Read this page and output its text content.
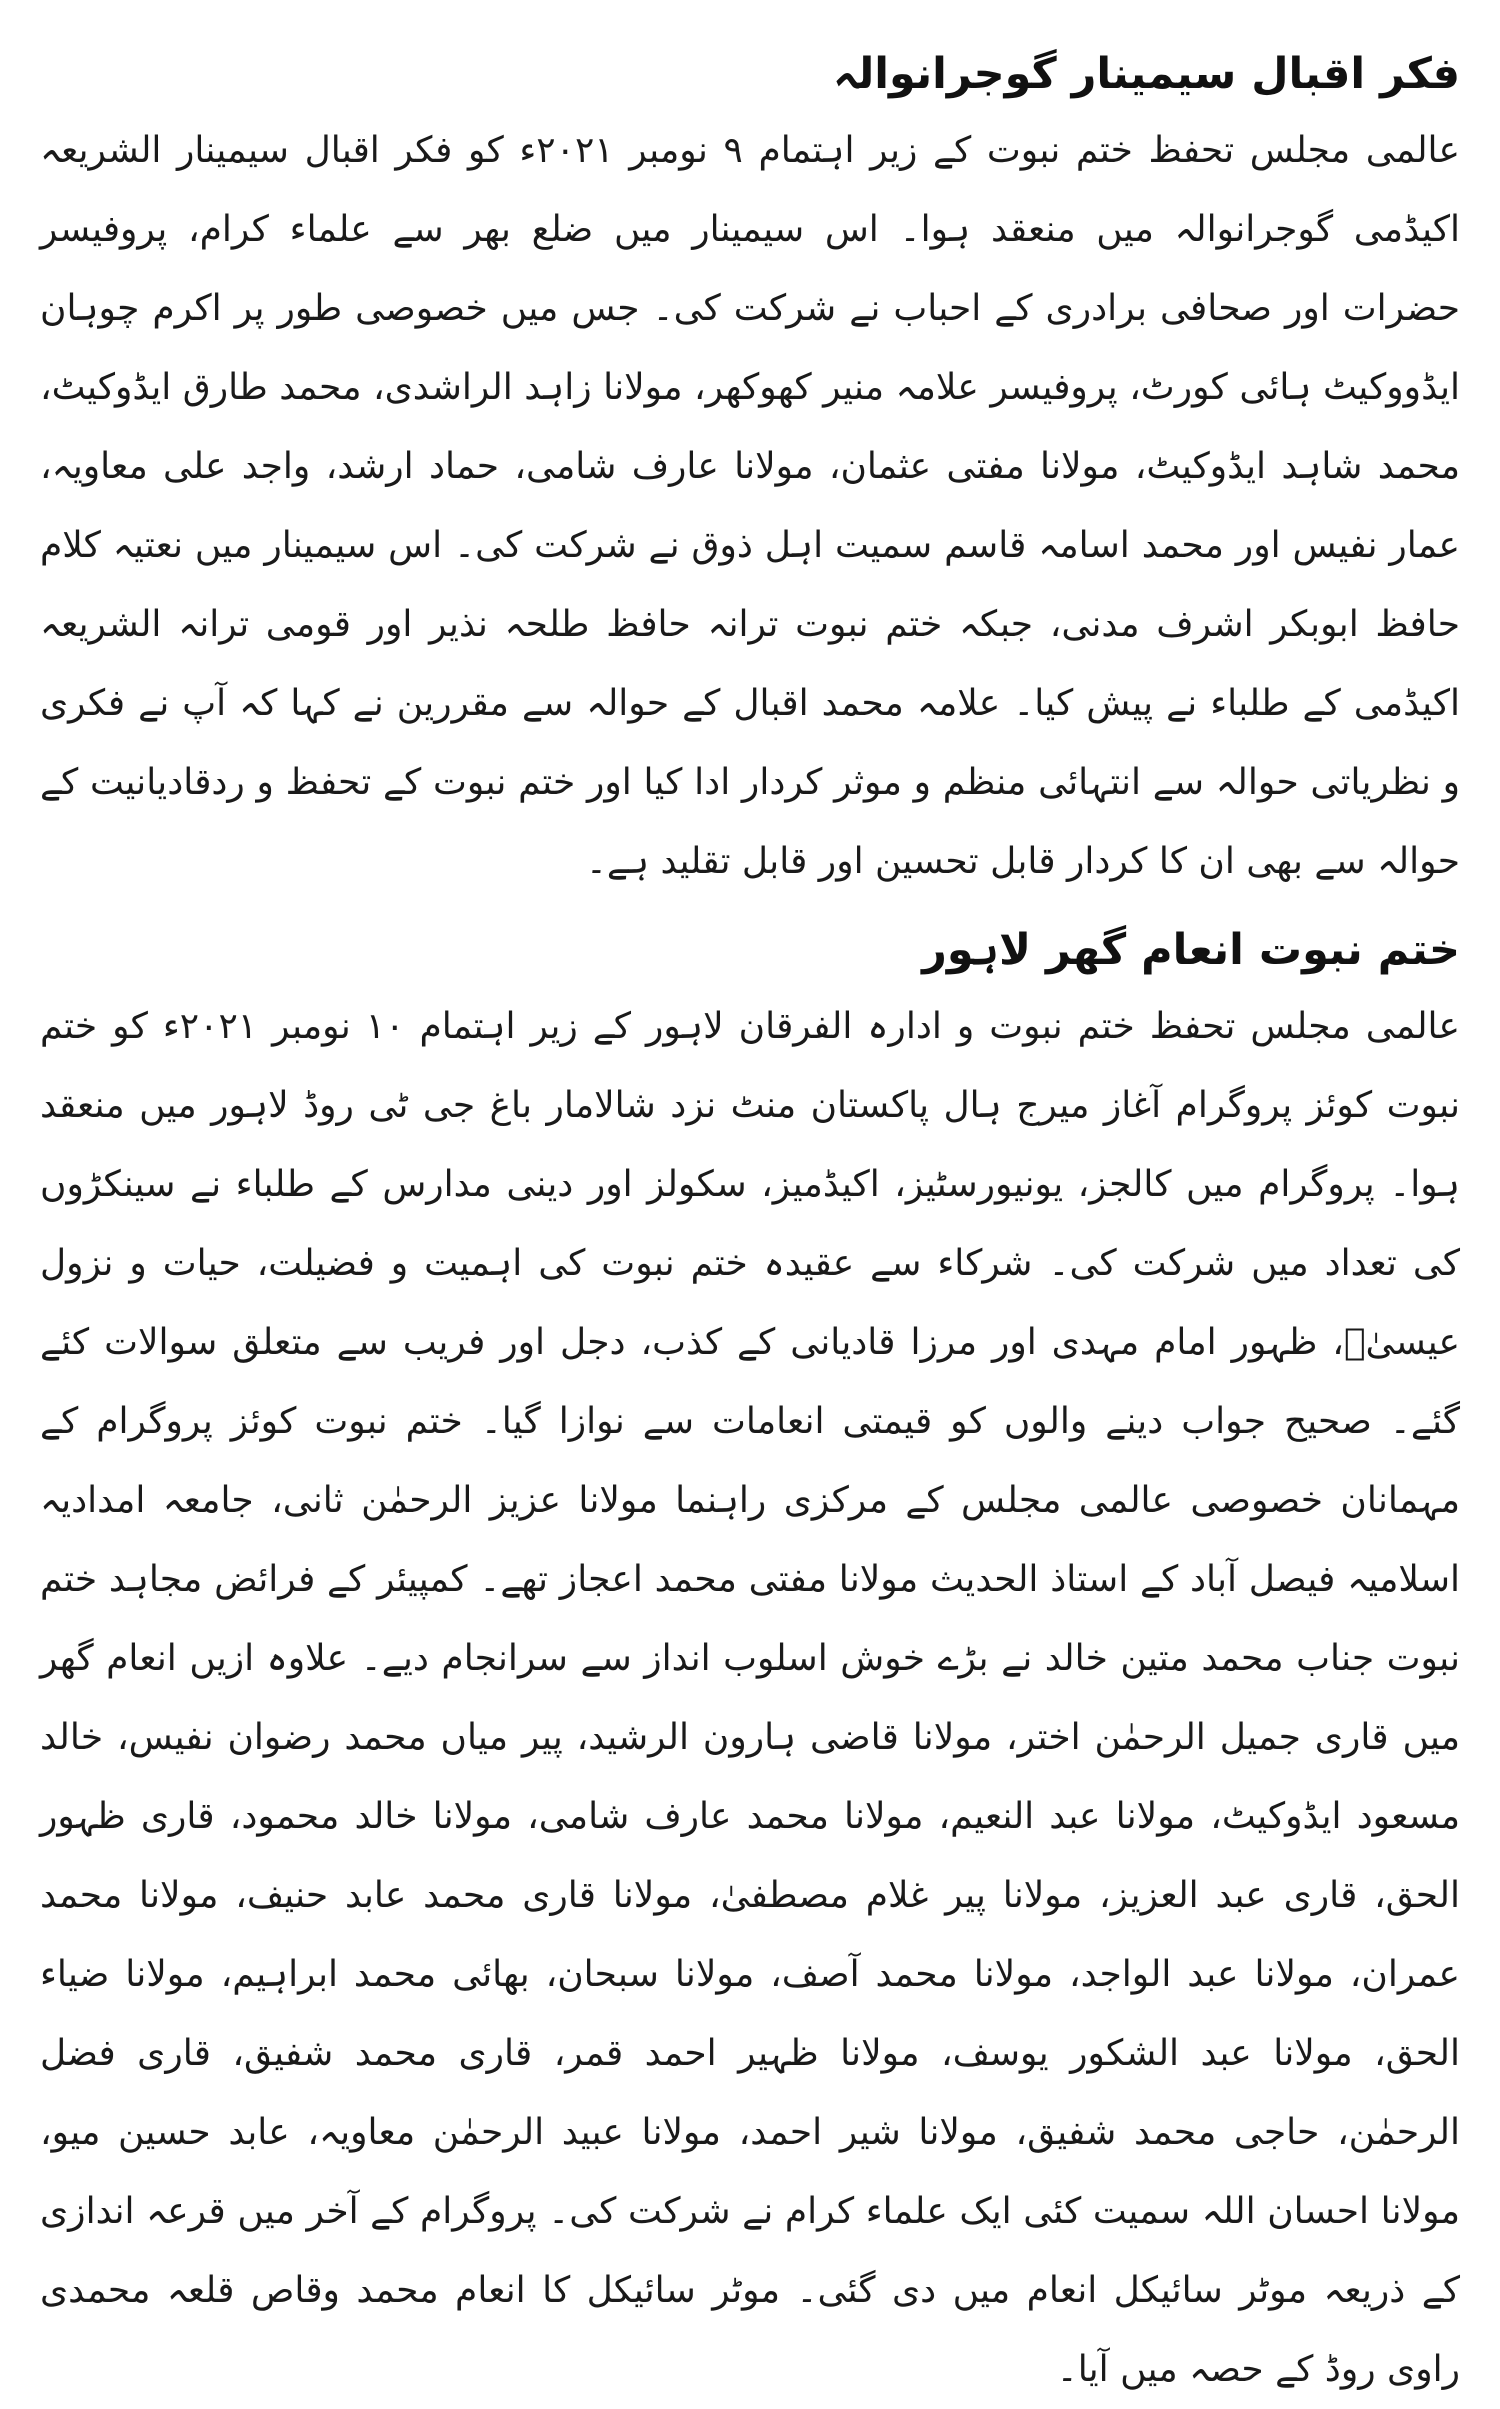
فکر اقبال سیمینار گوجرانوالہ

عالمی مجلس تحفظ ختم نبوت کے زیر اہتمام ۹ نومبر ۲۰۲۱ء کو فکر اقبال سیمینار الشریعہ اکیڈمی گوجرانوالہ میں منعقد ہوا۔ اس سیمینار میں ضلع بھر سے علماء کرام، پروفیسر حضرات اور صحافی برادری کے احباب نے شرکت کی۔ جس میں خصوصی طور پر اکرم چوہان ایڈووکیٹ ہائی کورٹ، پروفیسر علامہ منیر کھوکھر، مولانا زاہد الراشدی، محمد طارق ایڈوکیٹ، محمد شاہد ایڈوکیٹ، مولانا مفتی عثمان، مولانا عارف شامی، حماد ارشد، واجد علی معاویہ، عمار نفیس اور محمد اسامہ قاسم سمیت اہل ذوق نے شرکت کی۔ اس سیمینار میں نعتیہ کلام حافظ ابوبکر اشرف مدنی، جبکہ ختم نبوت ترانہ حافظ طلحہ نذیر اور قومی ترانہ الشریعہ اکیڈمی کے طلباء نے پیش کیا۔ علامہ محمد اقبال کے حوالہ سے مقررین نے کہا کہ آپ نے فکری و نظریاتی حوالہ سے انتہائی منظم و موثر کردار ادا کیا اور ختم نبوت کے تحفظ و ردقادیانیت کے حوالہ سے بھی ان کا کردار قابل تحسین اور قابل تقلید ہے۔

ختم نبوت انعام گھر لاہور

عالمی مجلس تحفظ ختم نبوت و ادارہ الفرقان لاہور کے زیر اہتمام ۱۰ نومبر ۲۰۲۱ء کو ختم نبوت کوئز پروگرام آغاز میرج ہال پاکستان منٹ نزد شالامار باغ جی ٹی روڈ لاہور میں منعقد ہوا۔ پروگرام میں کالجز، یونیورسٹیز، اکیڈمیز، سکولز اور دینی مدارس کے طلباء نے سینکڑوں کی تعداد میں شرکت کی۔ شرکاء سے عقیدہ ختم نبوت کی اہمیت و فضیلت، حیات و نزول عیسیٰؑ، ظہور امام مہدی اور مرزا قادیانی کے کذب، دجل اور فریب سے متعلق سوالات کئے گئے۔ صحیح جواب دینے والوں کو قیمتی انعامات سے نوازا گیا۔ ختم نبوت کوئز پروگرام کے مہمانان خصوصی عالمی مجلس کے مرکزی راہنما مولانا عزیز الرحمٰن ثانی، جامعہ امدادیہ اسلامیہ فیصل آباد کے استاذ الحدیث مولانا مفتی محمد اعجاز تھے۔ کمپیئر کے فرائض مجاہد ختم نبوت جناب محمد متین خالد نے بڑے خوش اسلوب انداز سے سرانجام دیے۔ علاوہ ازیں انعام گھر میں قاری جمیل الرحمٰن اختر، مولانا قاضی ہارون الرشید، پیر میاں محمد رضوان نفیس، خالد مسعود ایڈوکیٹ، مولانا عبد النعیم، مولانا محمد عارف شامی، مولانا خالد محمود، قاری ظہور الحق، قاری عبد العزیز، مولانا پیر غلام مصطفیٰ، مولانا قاری محمد عابد حنیف، مولانا محمد عمران، مولانا عبد الواجد، مولانا محمد آصف، مولانا سبحان، بھائی محمد ابراہیم، مولانا ضیاء الحق، مولانا عبد الشکور یوسف، مولانا ظہیر احمد قمر، قاری محمد شفیق، قاری فضل الرحمٰن، حاجی محمد شفیق، مولانا شیر احمد، مولانا عبید الرحمٰن معاویہ، عابد حسین میو، مولانا احسان اللہ سمیت کئی ایک علماء کرام نے شرکت کی۔ پروگرام کے آخر میں قرعہ اندازی کے ذریعہ موٹر سائیکل انعام میں دی گئی۔ موٹر سائیکل کا انعام محمد وقاص قلعہ محمدی راوی روڈ کے حصہ میں آیا۔
